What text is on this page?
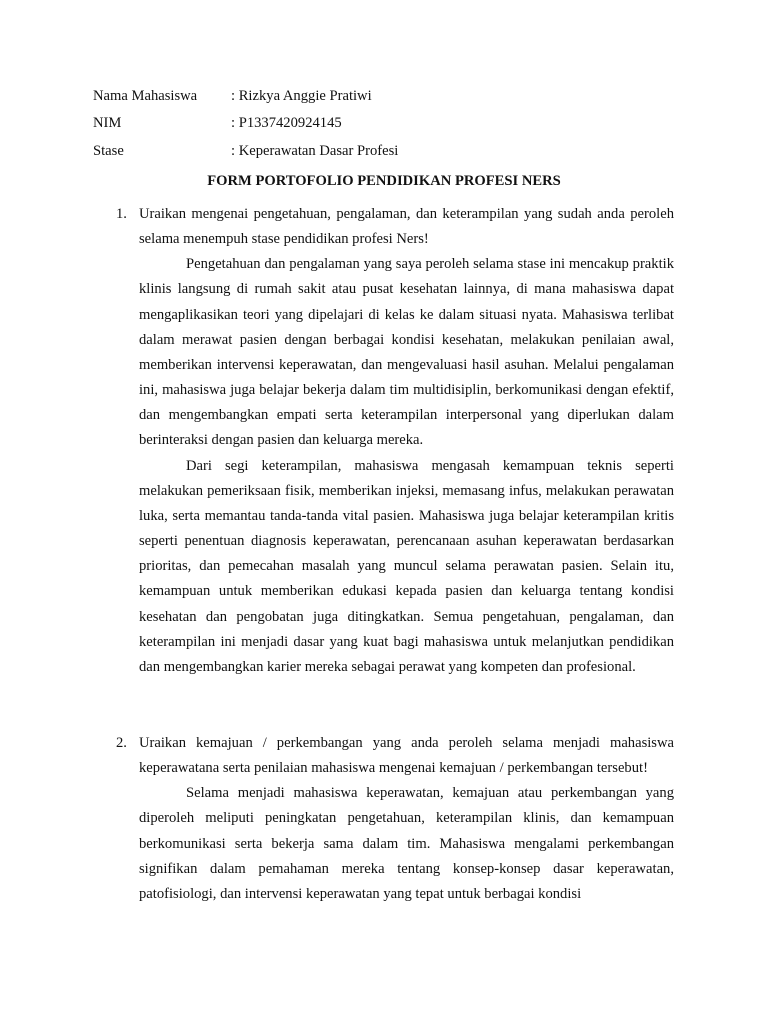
Nama Mahasiswa : Rizkya Anggie Pratiwi
NIM	: P1337420924145
Stase	: Keperawatan Dasar Profesi
FORM PORTOFOLIO PENDIDIKAN PROFESI NERS
1. Uraikan mengenai pengetahuan, pengalaman, dan keterampilan yang sudah anda peroleh selama menempuh stase pendidikan profesi Ners!

Pengetahuan dan pengalaman yang saya peroleh selama stase ini mencakup praktik klinis langsung di rumah sakit atau pusat kesehatan lainnya, di mana mahasiswa dapat mengaplikasikan teori yang dipelajari di kelas ke dalam situasi nyata. Mahasiswa terlibat dalam merawat pasien dengan berbagai kondisi kesehatan, melakukan penilaian awal, memberikan intervensi keperawatan, dan mengevaluasi hasil asuhan. Melalui pengalaman ini, mahasiswa juga belajar bekerja dalam tim multidisiplin, berkomunikasi dengan efektif, dan mengembangkan empati serta keterampilan interpersonal yang diperlukan dalam berinteraksi dengan pasien dan keluarga mereka.

Dari segi keterampilan, mahasiswa mengasah kemampuan teknis seperti melakukan pemeriksaan fisik, memberikan injeksi, memasang infus, melakukan perawatan luka, serta memantau tanda-tanda vital pasien. Mahasiswa juga belajar keterampilan kritis seperti penentuan diagnosis keperawatan, perencanaan asuhan keperawatan berdasarkan prioritas, dan pemecahan masalah yang muncul selama perawatan pasien. Selain itu, kemampuan untuk memberikan edukasi kepada pasien dan keluarga tentang kondisi kesehatan dan pengobatan juga ditingkatkan. Semua pengetahuan, pengalaman, dan keterampilan ini menjadi dasar yang kuat bagi mahasiswa untuk melanjutkan pendidikan dan mengembangkan karier mereka sebagai perawat yang kompeten dan profesional.

2. Uraikan kemajuan / perkembangan yang anda peroleh selama menjadi mahasiswa keperawatana serta penilaian mahasiswa mengenai kemajuan / perkembangan tersebut!

Selama menjadi mahasiswa keperawatan, kemajuan atau perkembangan yang diperoleh meliputi peningkatan pengetahuan, keterampilan klinis, dan kemampuan berkomunikasi serta bekerja sama dalam tim. Mahasiswa mengalami perkembangan signifikan dalam pemahaman mereka tentang konsep-konsep dasar keperawatan, patofisiologi, dan intervensi keperawatan yang tepat untuk berbagai kondisi
